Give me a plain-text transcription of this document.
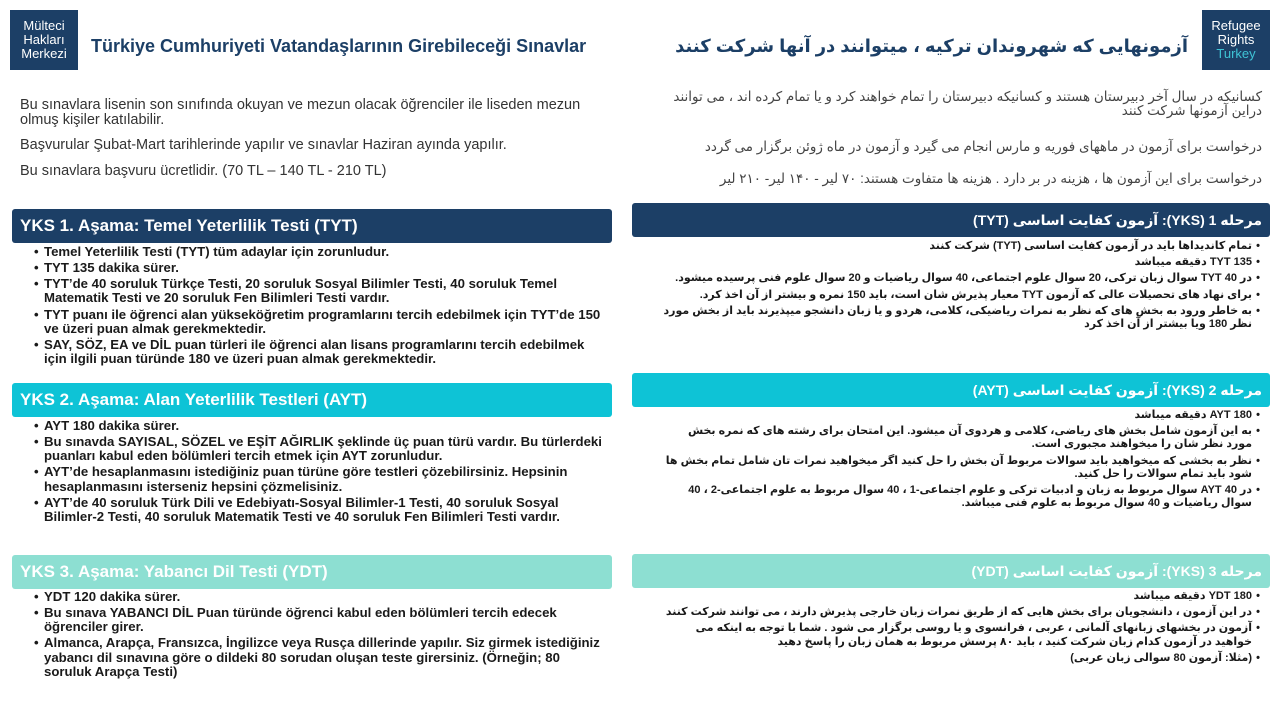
Mülteci
Hakları
Merkezi
Refugee
Rights
Turkey
Türkiye Cumhuriyeti Vatandaşlarının Girebileceği Sınavlar	آزمونهایی که شهروندان ترکیه ، میتوانند در آنها شرکت کنند
Bu sınavlara lisenin son sınıfında okuyan ve mezun olacak öğrenciler ile liseden mezun olmuş kişiler katılabilir.
Başvurular Şubat-Mart tarihlerinde yapılır ve sınavlar Haziran ayında yapılır.
Bu sınavlara başvuru ücretlidir. (70 TL – 140 TL - 210 TL)
کسانیکه در سال آخر دبیرستان هستند و کسانیکه دبیرستان را تمام خواهند کرد و یا تمام کرده اند ، می توانند دراین آزمونها شرکت کنند
درخواست برای آزمون در ماههای فوریه و مارس انجام می گیرد و آزمون در ماه ژوئن برگزار می گردد
درخواست برای این آزمون ها ، هزینه در بر دارد . هزینه ها متفاوت هستند: ۷۰ لیر - ۱۴۰ لیر- ۲۱۰ لیر
YKS 1. Aşama: Temel Yeterlilik Testi (TYT)
• Temel Yeterlilik Testi (TYT) tüm adaylar için zorunludur.
• TYT 135 dakika sürer.
• TYT’de 40 soruluk Türkçe Testi, 20 soruluk Sosyal Bilimler Testi, 40 soruluk Temel Matematik Testi ve 20 soruluk Fen Bilimleri Testi vardır.
• TYT puanı ile öğrenci alan yükseköğretim programlarını tercih edebilmek için TYT’de 150 ve üzeri puan almak gerekmektedir.
• SAY, SÖZ, EA ve DİL puan türleri ile öğrenci alan lisans programlarını tercih edebilmek için ilgili puan türünde 180 ve üzeri puan almak gerekmektedir.
YKS 2. Aşama: Alan Yeterlilik Testleri (AYT)
• AYT 180 dakika sürer.
• Bu sınavda SAYISAL, SÖZEL ve EŞİT AĞIRLIK şeklinde üç puan türü vardır. Bu türlerdeki puanları kabul eden bölümleri tercih etmek için AYT zorunludur.
• AYT’de hesaplanmasını istediğiniz puan türüne göre testleri çözebilirsiniz. Hepsinin hesaplanmasını isterseniz hepsini çözmelisiniz.
• AYT’de 40 soruluk Türk Dili ve Edebiyatı-Sosyal Bilimler-1 Testi, 40 soruluk Sosyal Bilimler-2 Testi, 40 soruluk Matematik Testi ve 40 soruluk Fen Bilimleri Testi vardır.
YKS 3. Aşama: Yabancı Dil Testi (YDT)
• YDT 120 dakika sürer.
• Bu sınava YABANCI DİL Puan türünde öğrenci kabul eden bölümleri tercih edecek öğrenciler girer.
• Almanca, Arapça, Fransızca, İngilizce veya Rusça dillerinde yapılır. Siz girmek istediğiniz yabancı dil sınavına göre o dildeki 80 sorudan oluşan teste girersiniz. (Örneğin; 80 soruluk Arapça Testi)
مرحله 1 (YKS): آزمون کفایت اساسی (TYT)
• تمام کاندیداها باید در آزمون کفایت اساسی (TYT) شرکت کنند
• TYT 135 دقیقه میباشد
• در TYT 40 سوال زبان ترکی، 20 سوال علوم اجتماعی، 40 سوال ریاضیات و 20 سوال علوم فنی پرسیده میشود.
• برای نهاد های تحصیلات عالی که آزمون TYT معیار پذیرش شان است، باید 150 نمره و بیشتر از آن اخذ کرد.
• به خاطر ورود به بخش های که نظر به نمرات ریاضیکی، کلامی، هردو و یا زبان دانشجو میپذیرند باید از بخش مورد نظر 180 ویا بیشتر از آن اخذ کرد
مرحله 2 (YKS): آزمون کفایت اساسی (AYT)
• AYT 180 دقیقه میباشد
• به این آزمون شامل بخش های ریاضی، کلامی و هردوی آن میشود. این امتحان برای رشته های که نمره بخش مورد نظر شان را میخواهند مجبوری است.
• نظر به بخشی که میخواهید باید سوالات مربوط آن بخش را حل کنید اگر میخواهید نمرات تان شامل تمام بخش ها شود باید تمام سوالات را حل کنید.
• در AYT 40 سوال مربوط به زبان و ادبیات ترکی و علوم اجتماعی-1 ، 40 سوال مربوط به علوم اجتماعی-2 ، 40 سوال ریاضیات و 40 سوال مربوط به علوم فنی میباشد.
مرحله 3 (YKS): آزمون کفایت اساسی (YDT)
• YDT 180 دقیقه میباشد
• در این آزمون ، دانشجویان برای بخش هایی که از طریق نمرات زبان خارجی پذیرش دارند ، می توانند شرکت کنند
• آزمون در بخشهای زبانهای آلمانی ، عربی ، فرانسوی و یا روسی برگزار می شود . شما با توجه به اینکه می خواهید در آزمون کدام زبان شرکت کنید ، باید ۸۰ پرسش مربوط به همان زبان را پاسخ دهید
• (مثلا: آزمون 80 سوالی زبان عربی)
